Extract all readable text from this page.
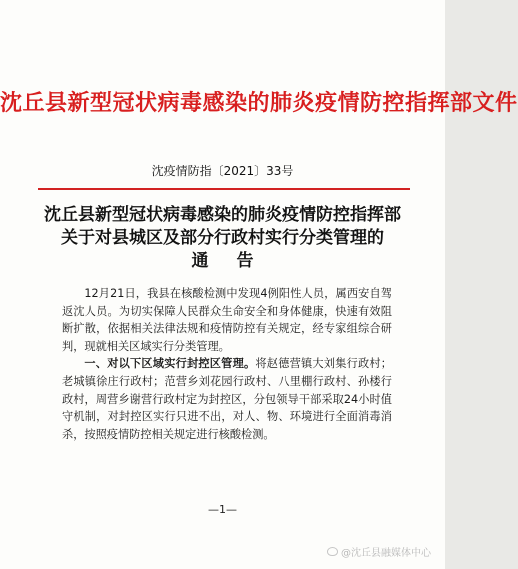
沈丘县新型冠状病毒感染的肺炎疫情防控指挥部文件
沈疫情防指〔2021〕33号
沈丘县新型冠状病毒感染的肺炎疫情防控指挥部
关于对县城区及部分行政村实行分类管理的
通告

12月21日，我县在核酸检测中发现4例阳性人员，属西安自驾返沈人员。为切实保障人民群众生命安全和身体健康，快速有效阻断扩散，依据相关法律法规和疫情防控有关规定，经专家组综合研判，现就相关区域实行分类管理。

一、对以下区域实行封控区管理。将赵德营镇大刘集行政村；老城镇徐庄行政村；范营乡刘花园行政村、八里棚行政村、孙楼行政村，周营乡谢营行政村定为封控区，分包领导干部采取24小时值守机制，对封控区实行只进不出，对人、物、环境进行全面消毒消杀，按照疫情防控相关规定进行核酸检测。

—1—
@沈丘县融媒体中心
